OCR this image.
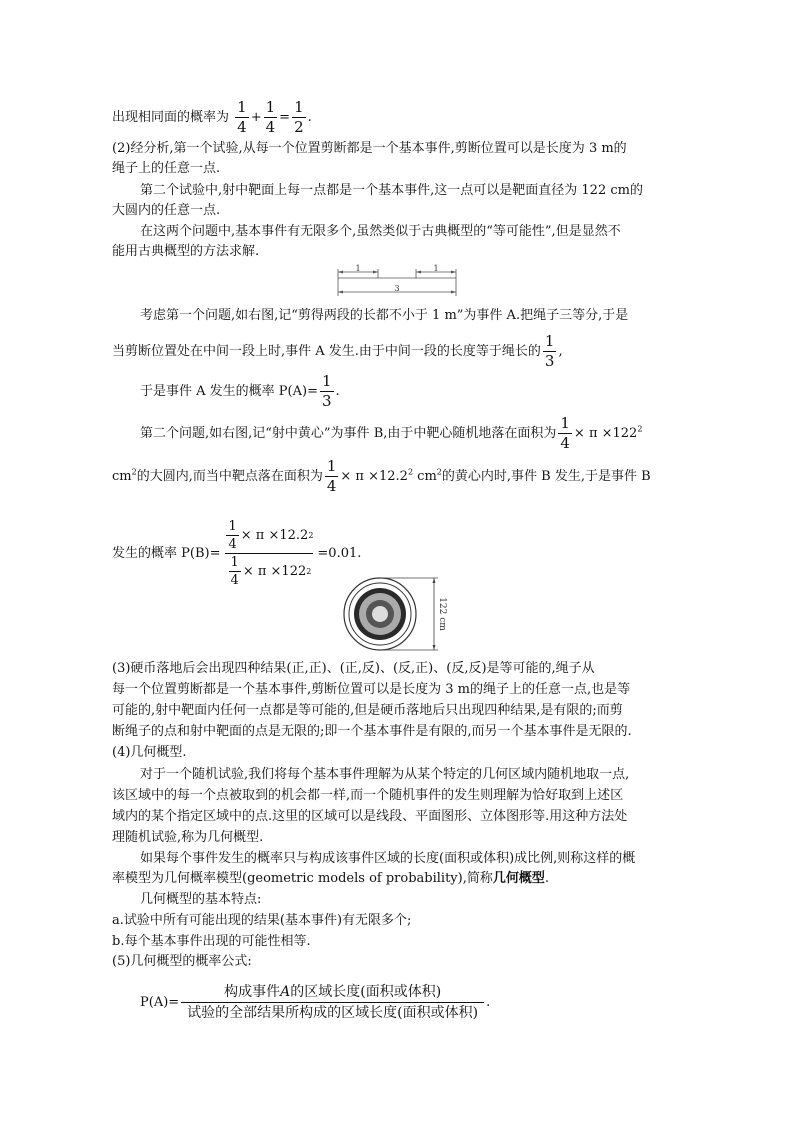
出现相同面的概率为 $\frac{1}{4} + \frac{1}{4} = \frac{1}{2}$ .
(2)经分析,第一个试验,从每一个位置剪断都是一个基本事件,剪断位置可以是长度为 3 m的
绳子上的任意一点.
第二个试验中,射中靶面上每一点都是一个基本事件,这一点可以是靶面直径为 122 cm的
大圆内的任意一点.
在这两个问题中,基本事件有无限多个,虽然类似于古典概型的“等可能性”,但是显然不
能用古典概型的方法求解.
1	1
3
考虑第一个问题,如右图,记“剪得两段的长都不小于 1 m”为事件 A.把绳子三等分,于是
当剪断位置处在中间一段上时,事件 A 发生.由于中间一段的长度等于绳长的 $\frac{1}{3}$ ,
于是事件 A 发生的概率 $P(A)= \frac{1}{3}$ .
第二个问题,如右图,记“射中黄心”为事件 B,由于中靶心随机地落在面积为 $\frac{1}{4} \times \pi \times 122^2$
$cm^2$的大圆内,而当中靶点落在面积为 $\frac{1}{4} \times \pi \times 12.2^2$ $cm^2$的黄心内时,事件 B 发生,于是事件 B
发生的概率 $P(B)= \frac{\frac{1}{4} \times \pi \times 12.2 2}{\frac{1}{4} \times \pi \times 122 2} =0.01$.
122 cm
(3)硬币落地后会出现四种结果(正,正)、(正,反)、(反,正)、(反,反)是等可能的,绳子从
每一个位置剪断都是一个基本事件,剪断位置可以是长度为 3 m的绳子上的任意一点,也是等
可能的,射中靶面内任何一点都是等可能的,但是硬币落地后只出现四种结果,是有限的;而剪
断绳子的点和射中靶面的点是无限的;即一个基本事件是有限的,而另一个基本事件是无限的.
(4)几何概型.
对于一个随机试验,我们将每个基本事件理解为从某个特定的几何区域内随机地取一点,
该区域中的每一个点被取到的机会都一样,而一个随机事件的发生则理解为恰好取到上述区
域内的某个指定区域中的点.这里的区域可以是线段、平面图形、立体图形等.用这种方法处
理随机试验,称为几何概型.
如果每个事件发生的概率只与构成该事件区域的长度(面积或体积)成比例,则称这样的概
率模型为几何概率模型(geometric models of probability),简称几何概型.
几何概型的基本特点:
a.试验中所有可能出现的结果(基本事件)有无限多个;
b.每个基本事件出现的可能性相等.
(5)几何概型的概率公式:
$P(A)= \frac{\text{构成事件A的区域长度(面积或体积)}}{\text{试验的全部结果所构成的区域长度(面积或体积)}}$ .
